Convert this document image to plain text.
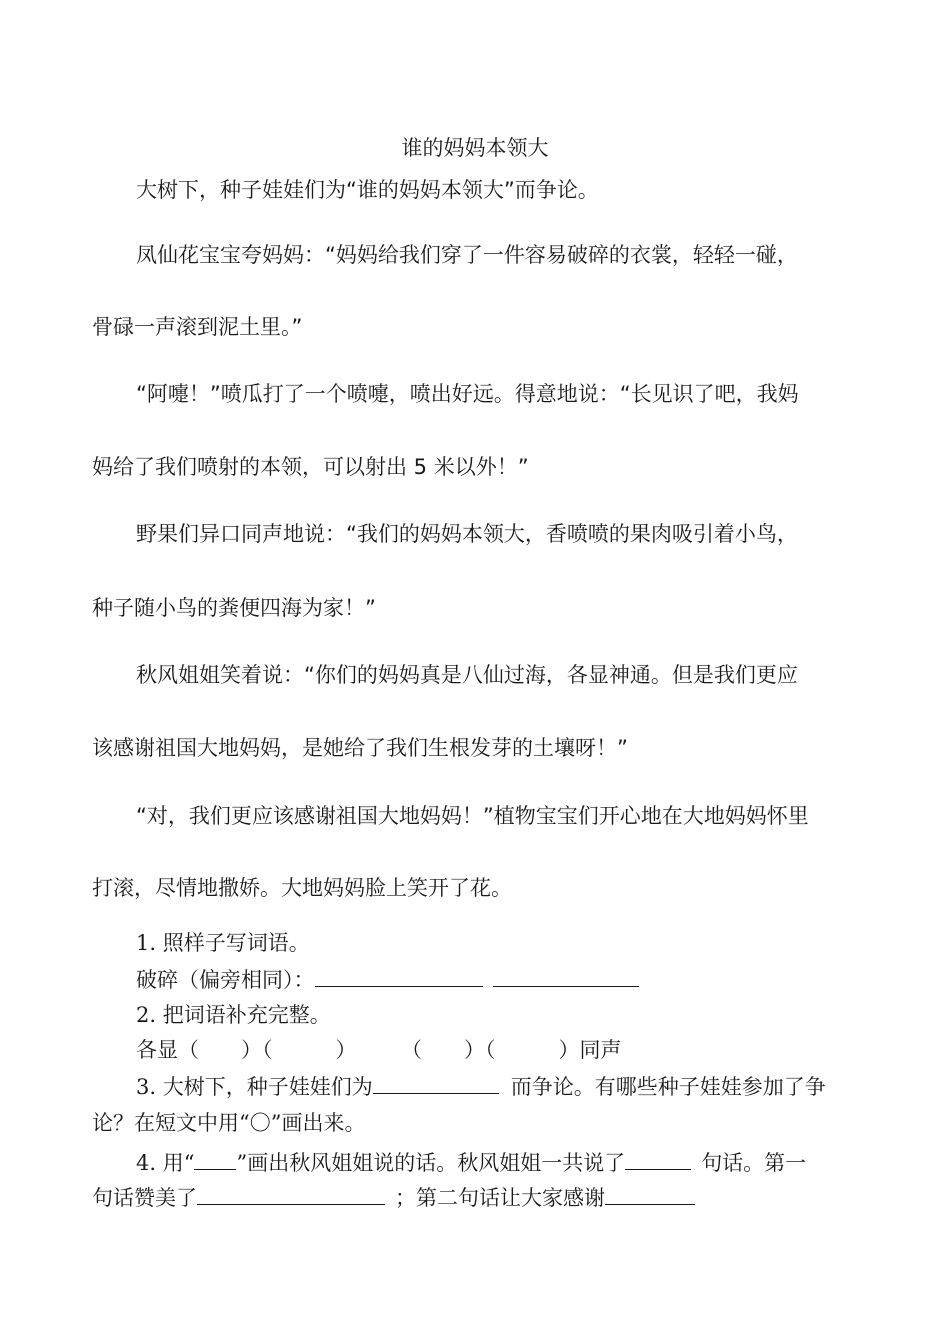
谁的妈妈本领大
大树下，种子娃娃们为“谁的妈妈本领大”而争论。
凤仙花宝宝夸妈妈：“妈妈给我们穿了一件容易破碎的衣裳，轻轻一碰，
骨碌一声滚到泥土里。”
“阿嚏！”喷瓜打了一个喷嚏，喷出好远。得意地说：“长见识了吧，我妈
妈给了我们喷射的本领，可以射出 5 米以外！”
野果们异口同声地说：“我们的妈妈本领大，香喷喷的果肉吸引着小鸟，
种子随小鸟的粪便四海为家！”
秋风姐姐笑着说：“你们的妈妈真是八仙过海，各显神通。但是我们更应
该感谢祖国大地妈妈，是她给了我们生根发芽的土壤呀！”
“对，我们更应该感谢祖国大地妈妈！”植物宝宝们开心地在大地妈妈怀里
打滚，尽情地撒娇。大地妈妈脸上笑开了花。
1. 照样子写词语。
破碎（偏旁相同）：
2. 把词语补充完整。
各显（　　）（　　　） （　　）（　　　）同声
3. 大树下，种子娃娃们为	而争论。有哪些种子娃娃参加了争
论？在短文中用“〇”画出来。
4. 用“ ”画出秋风姐姐说的话。秋风姐姐一共说了	句话。第一
句话赞美了	；第二句话让大家感谢
